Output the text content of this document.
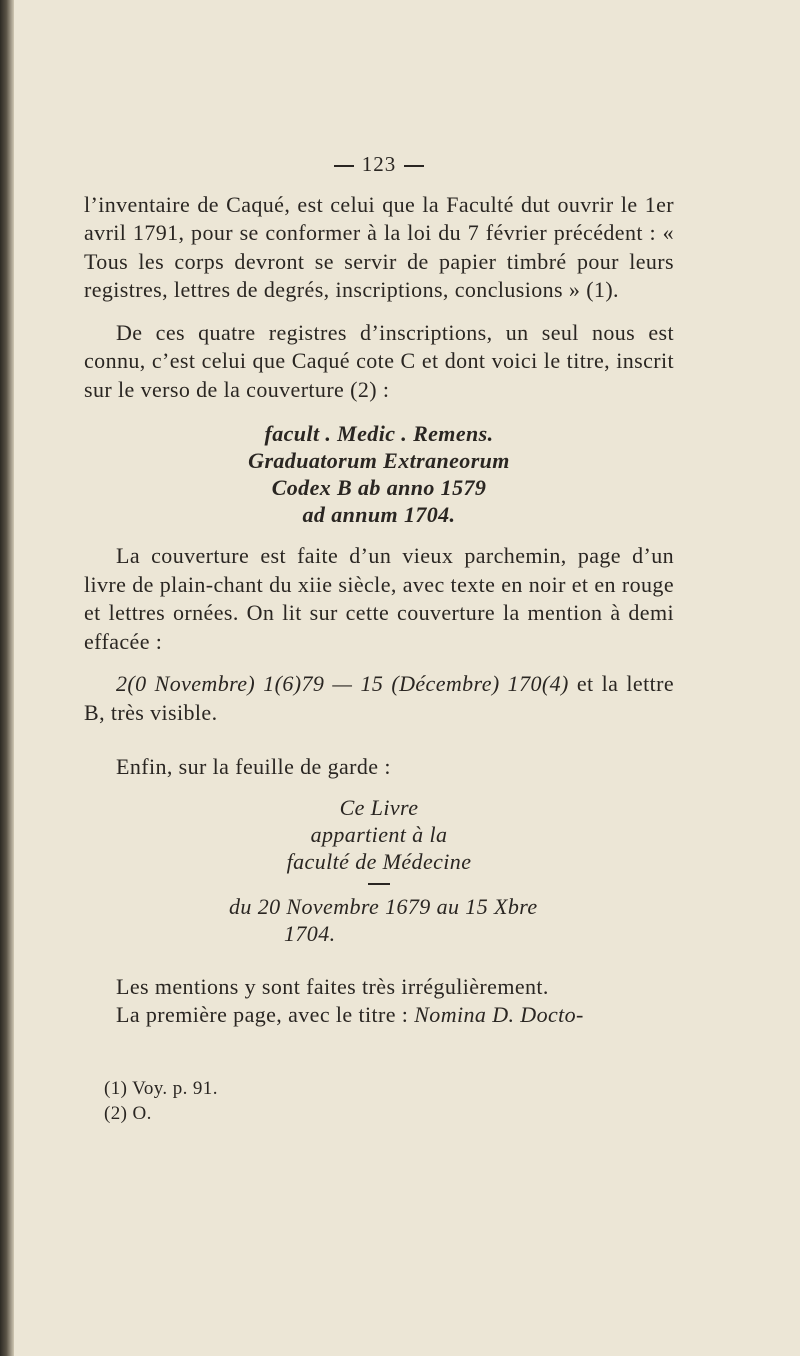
123

l’inventaire de Caqué, est celui que la Faculté dut ouvrir le 1er avril 1791, pour se conformer à la loi du 7 février précédent : « Tous les corps devront se servir de papier timbré pour leurs registres, lettres de degrés, inscriptions, conclusions » (1).

De ces quatre registres d’inscriptions, un seul nous est connu, c’est celui que Caqué cote C et dont voici le titre, inscrit sur le verso de la couverture (2) :

facult . Medic . Remens.
Graduatorum Extraneorum
Codex B ab anno 1579
ad annum 1704.

La couverture est faite d’un vieux parchemin, page d’un livre de plain-chant du xiie siècle, avec texte en noir et en rouge et lettres ornées. On lit sur cette couverture la mention à demi effacée :

2(0 Novembre) 1(6)79 — 15 (Décembre) 170(4) et la lettre B, très visible.

Enfin, sur la feuille de garde :

Ce Livre
appartient à la
faculté de Médecine
du 20 Novembre 1679 au 15 Xbre
1704.

Les mentions y sont faites très irrégulièrement.

La première page, avec le titre : Nomina D. Docto-

(1) Voy. p. 91.
(2) O.
